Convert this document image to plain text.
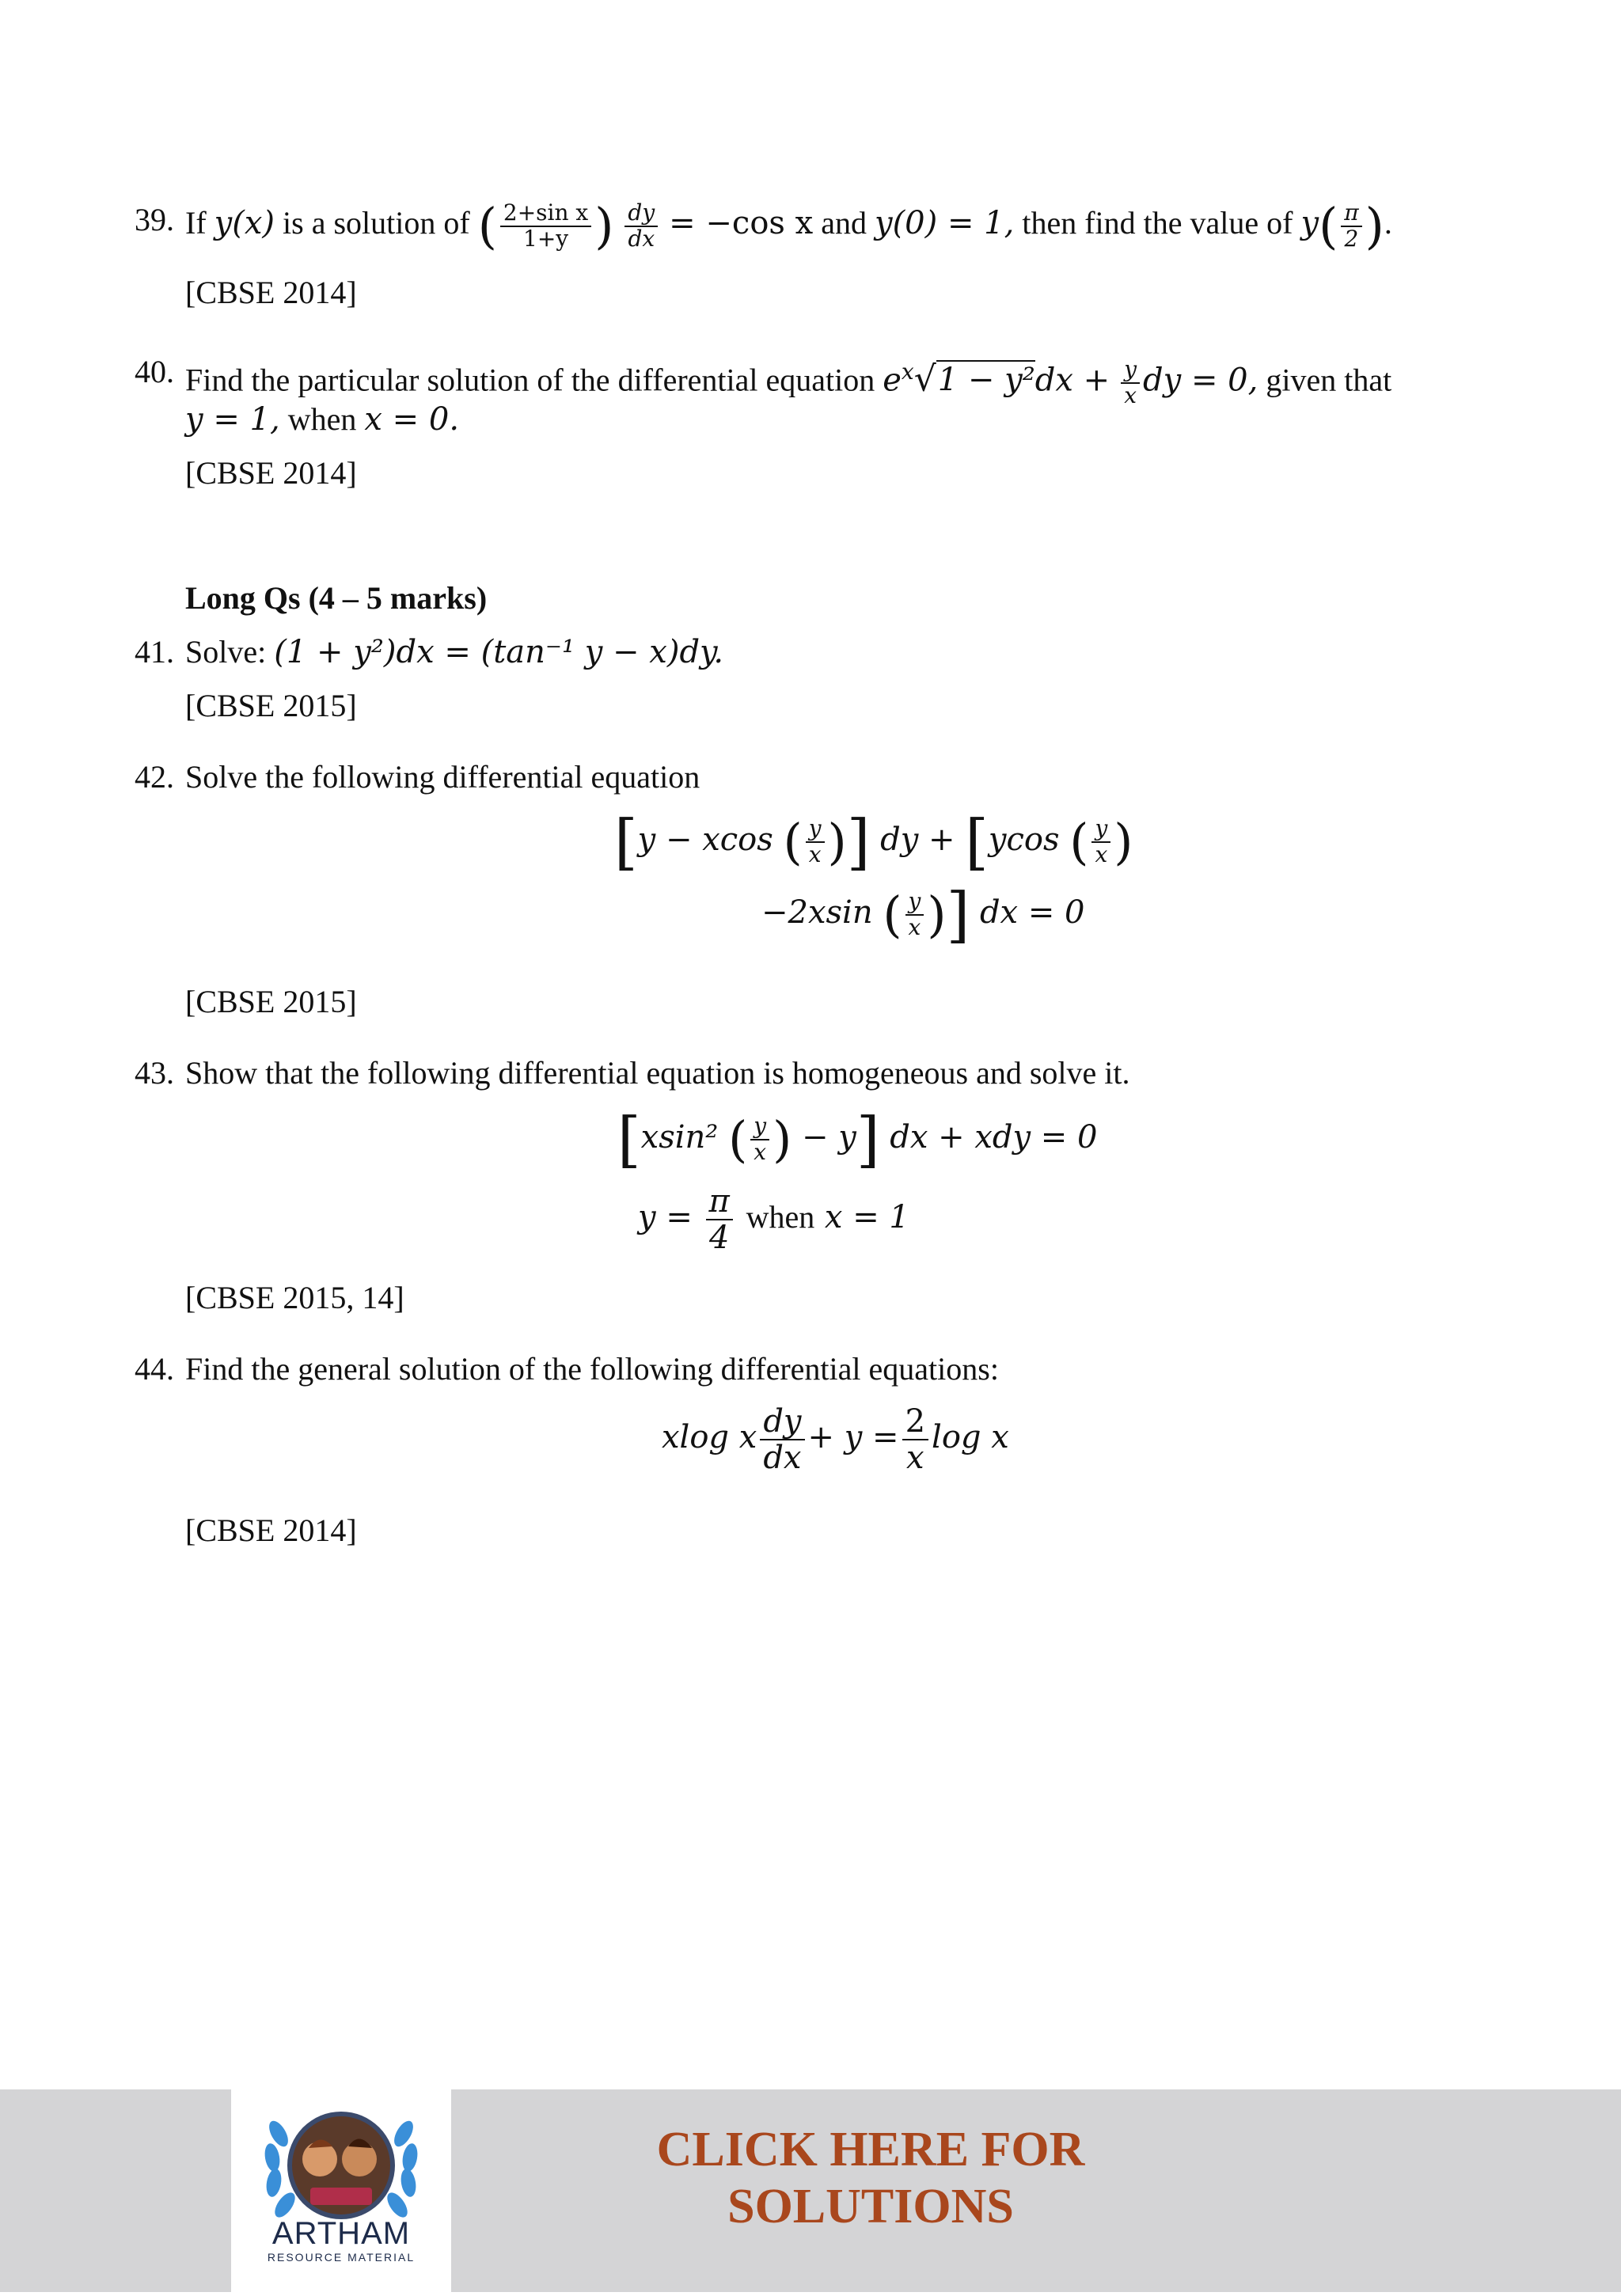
39. If y(x) is a solution of ( $\frac{\text{2+sin x}}{1+y}$ ) $\frac{dy}{dx} = -\cos$ x and y(0) = 1, then find the value of $y( \frac{\pi}{2}$ ).
[CBSE 2014]
40. Find the particular solution of the differential equation $e^x√1 - y^2dx + \frac{y}{x}$ dy = 0, given that
y = 1, when x = 0.
[CBSE 2014]
Long Qs (4 – 5 marks)
41. Solve: (1 + y²)dx = (tan⁻¹ y − x)dy.
[CBSE 2015]
42. Solve the following differential equation
[y − xcos ( $\frac{y}{x}$ )] dy + [ycos ( $\frac{y}{x}$ )
−2xsin ( $\frac{y}{x}$ )] dx = 0
[CBSE 2015]
43. Show that the following differential equation is homogeneous and solve it.
[xsin² ( $\frac{y}{x}$ ) − y] dx + xdy = 0
$y = \frac{\pi}{4}$ when x = 1
[CBSE 2015, 14]
44. Find the general solution of the following differential equations:
xlog x $\frac{dy}{dx} + y = \frac{2}{x}$ log x
[CBSE 2014]
ARTHAM
RESOURCE MATERIAL
CLICK HERE FOR
SOLUTIONS
